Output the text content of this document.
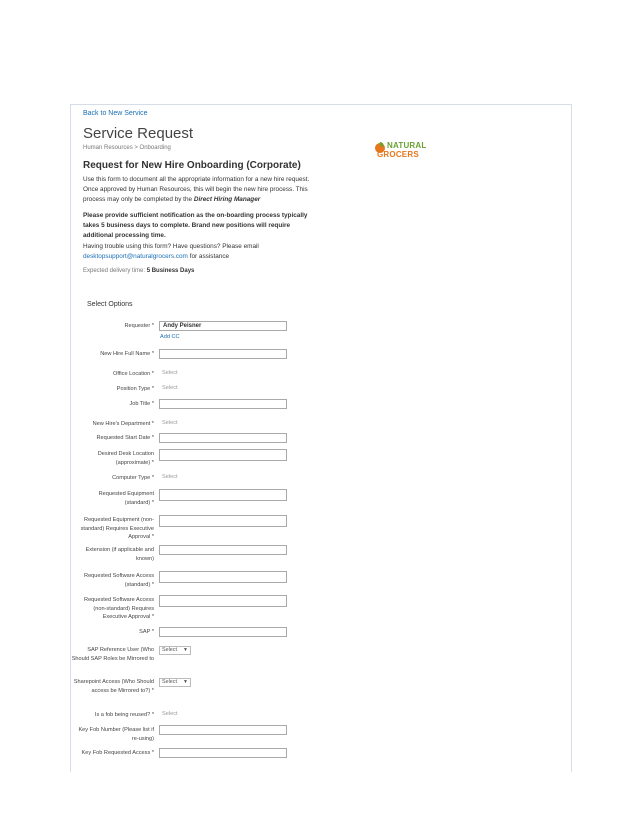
Back to New Service
Service Request
Human Resources > Onboarding	NATURAL
GROCERS
Request for New Hire Onboarding (Corporate)
Use this form to document all the appropriate information for a new hire request. Once approved by Human Resources, this will begin the new hire process. This process may only be completed by the Direct Hiring Manager
Please provide sufficient notification as the on-boarding process typically takes 5 business days to complete. Brand new positions will require additional processing time.
Having trouble using this form? Have questions? Please email
desktopsupport@naturalgrocers.com for assistance
Expected delivery time: 5 Business Days
Select Options
Requester *	Andy Peisner
Add CC
New Hire Full Name *
Office Location * Select
Position Type * Select
Job Title *
New Hire's Department * Select
Requested Start Date *
Desired Desk Location (approximate) *
Computer Type * Select
Requested Equipment (standard) *
Requested Equipment (non-standard) Requires Executive Approval *
Extension (if applicable and known)
Requested Software Access (standard) *
Requested Software Access (non-standard) Requires Executive Approval *
SAP *
SAP Reference User (Who Should SAP Roles be Mirrored to
Select ▼
Sharepoint Access (Who Should access be Mirrored to?) *
Select ▼
Is a fob being reused? * Select
Key Fob Number (Please list if re-using)
Key Fob Requested Access *
